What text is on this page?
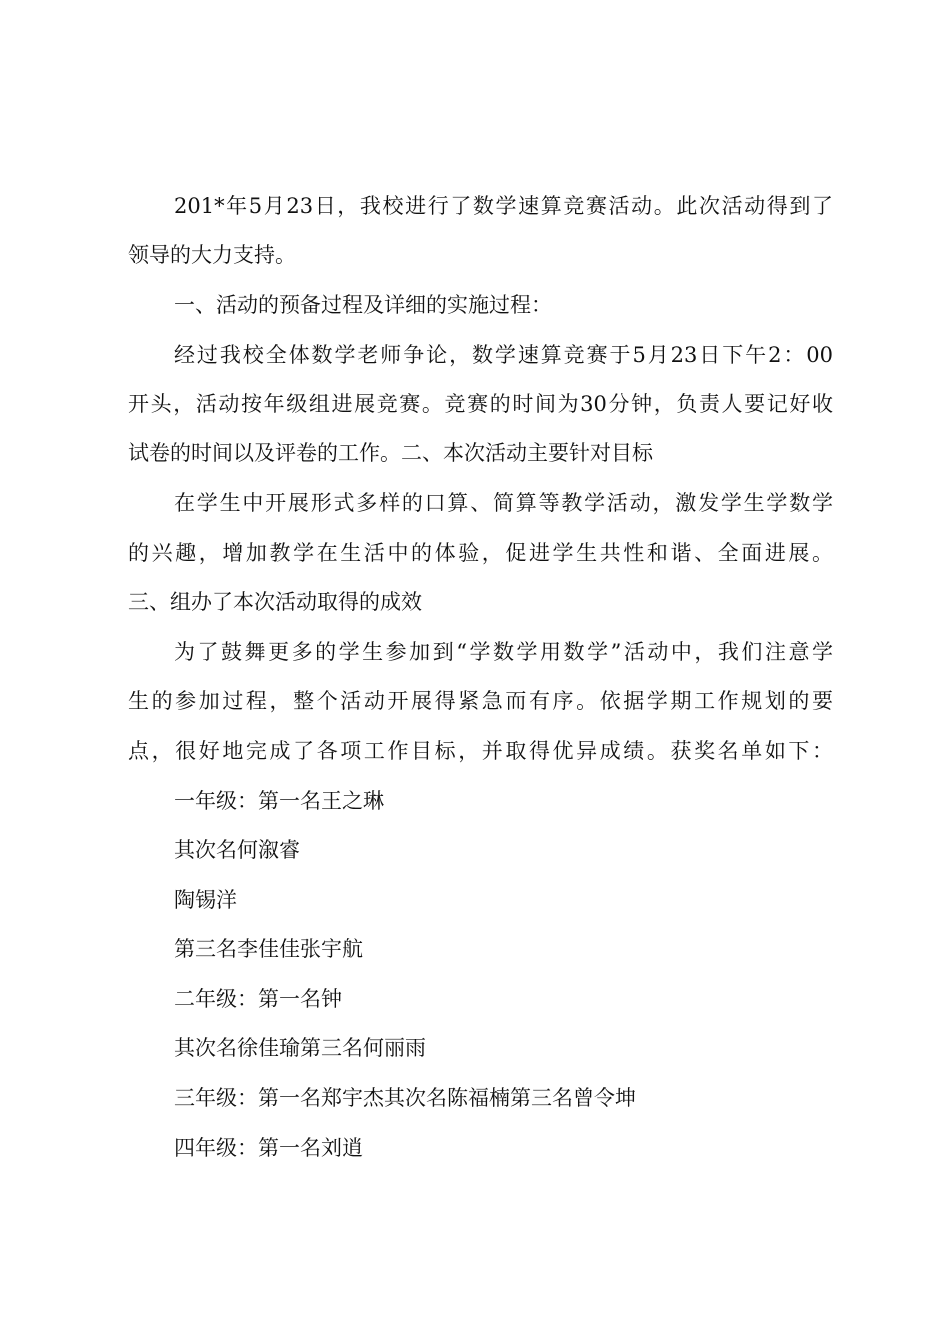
201*年5月23日，我校进行了数学速算竞赛活动。此次活动得到了
领导的大力支持。
一、活动的预备过程及详细的实施过程：
经过我校全体数学老师争论，数学速算竞赛于5月23日下午2：00
开头，活动按年级组进展竞赛。竞赛的时间为30分钟，负责人要记好收
试卷的时间以及评卷的工作。二、本次活动主要针对目标
在学生中开展形式多样的口算、简算等教学活动，激发学生学数学
的兴趣，增加教学在生活中的体验，促进学生共性和谐、全面进展。
三、组办了本次活动取得的成效
为了鼓舞更多的学生参加到“学数学用数学”活动中，我们注意学
生的参加过程，整个活动开展得紧急而有序。依据学期工作规划的要
点，很好地完成了各项工作目标，并取得优异成绩。获奖名单如下：
一年级：第一名王之琳
其次名何溆睿
陶锡洋
第三名李佳佳张宇航
二年级：第一名钟
其次名徐佳瑜第三名何丽雨
三年级：第一名郑宇杰其次名陈福楠第三名曾令坤
四年级：第一名刘逍
